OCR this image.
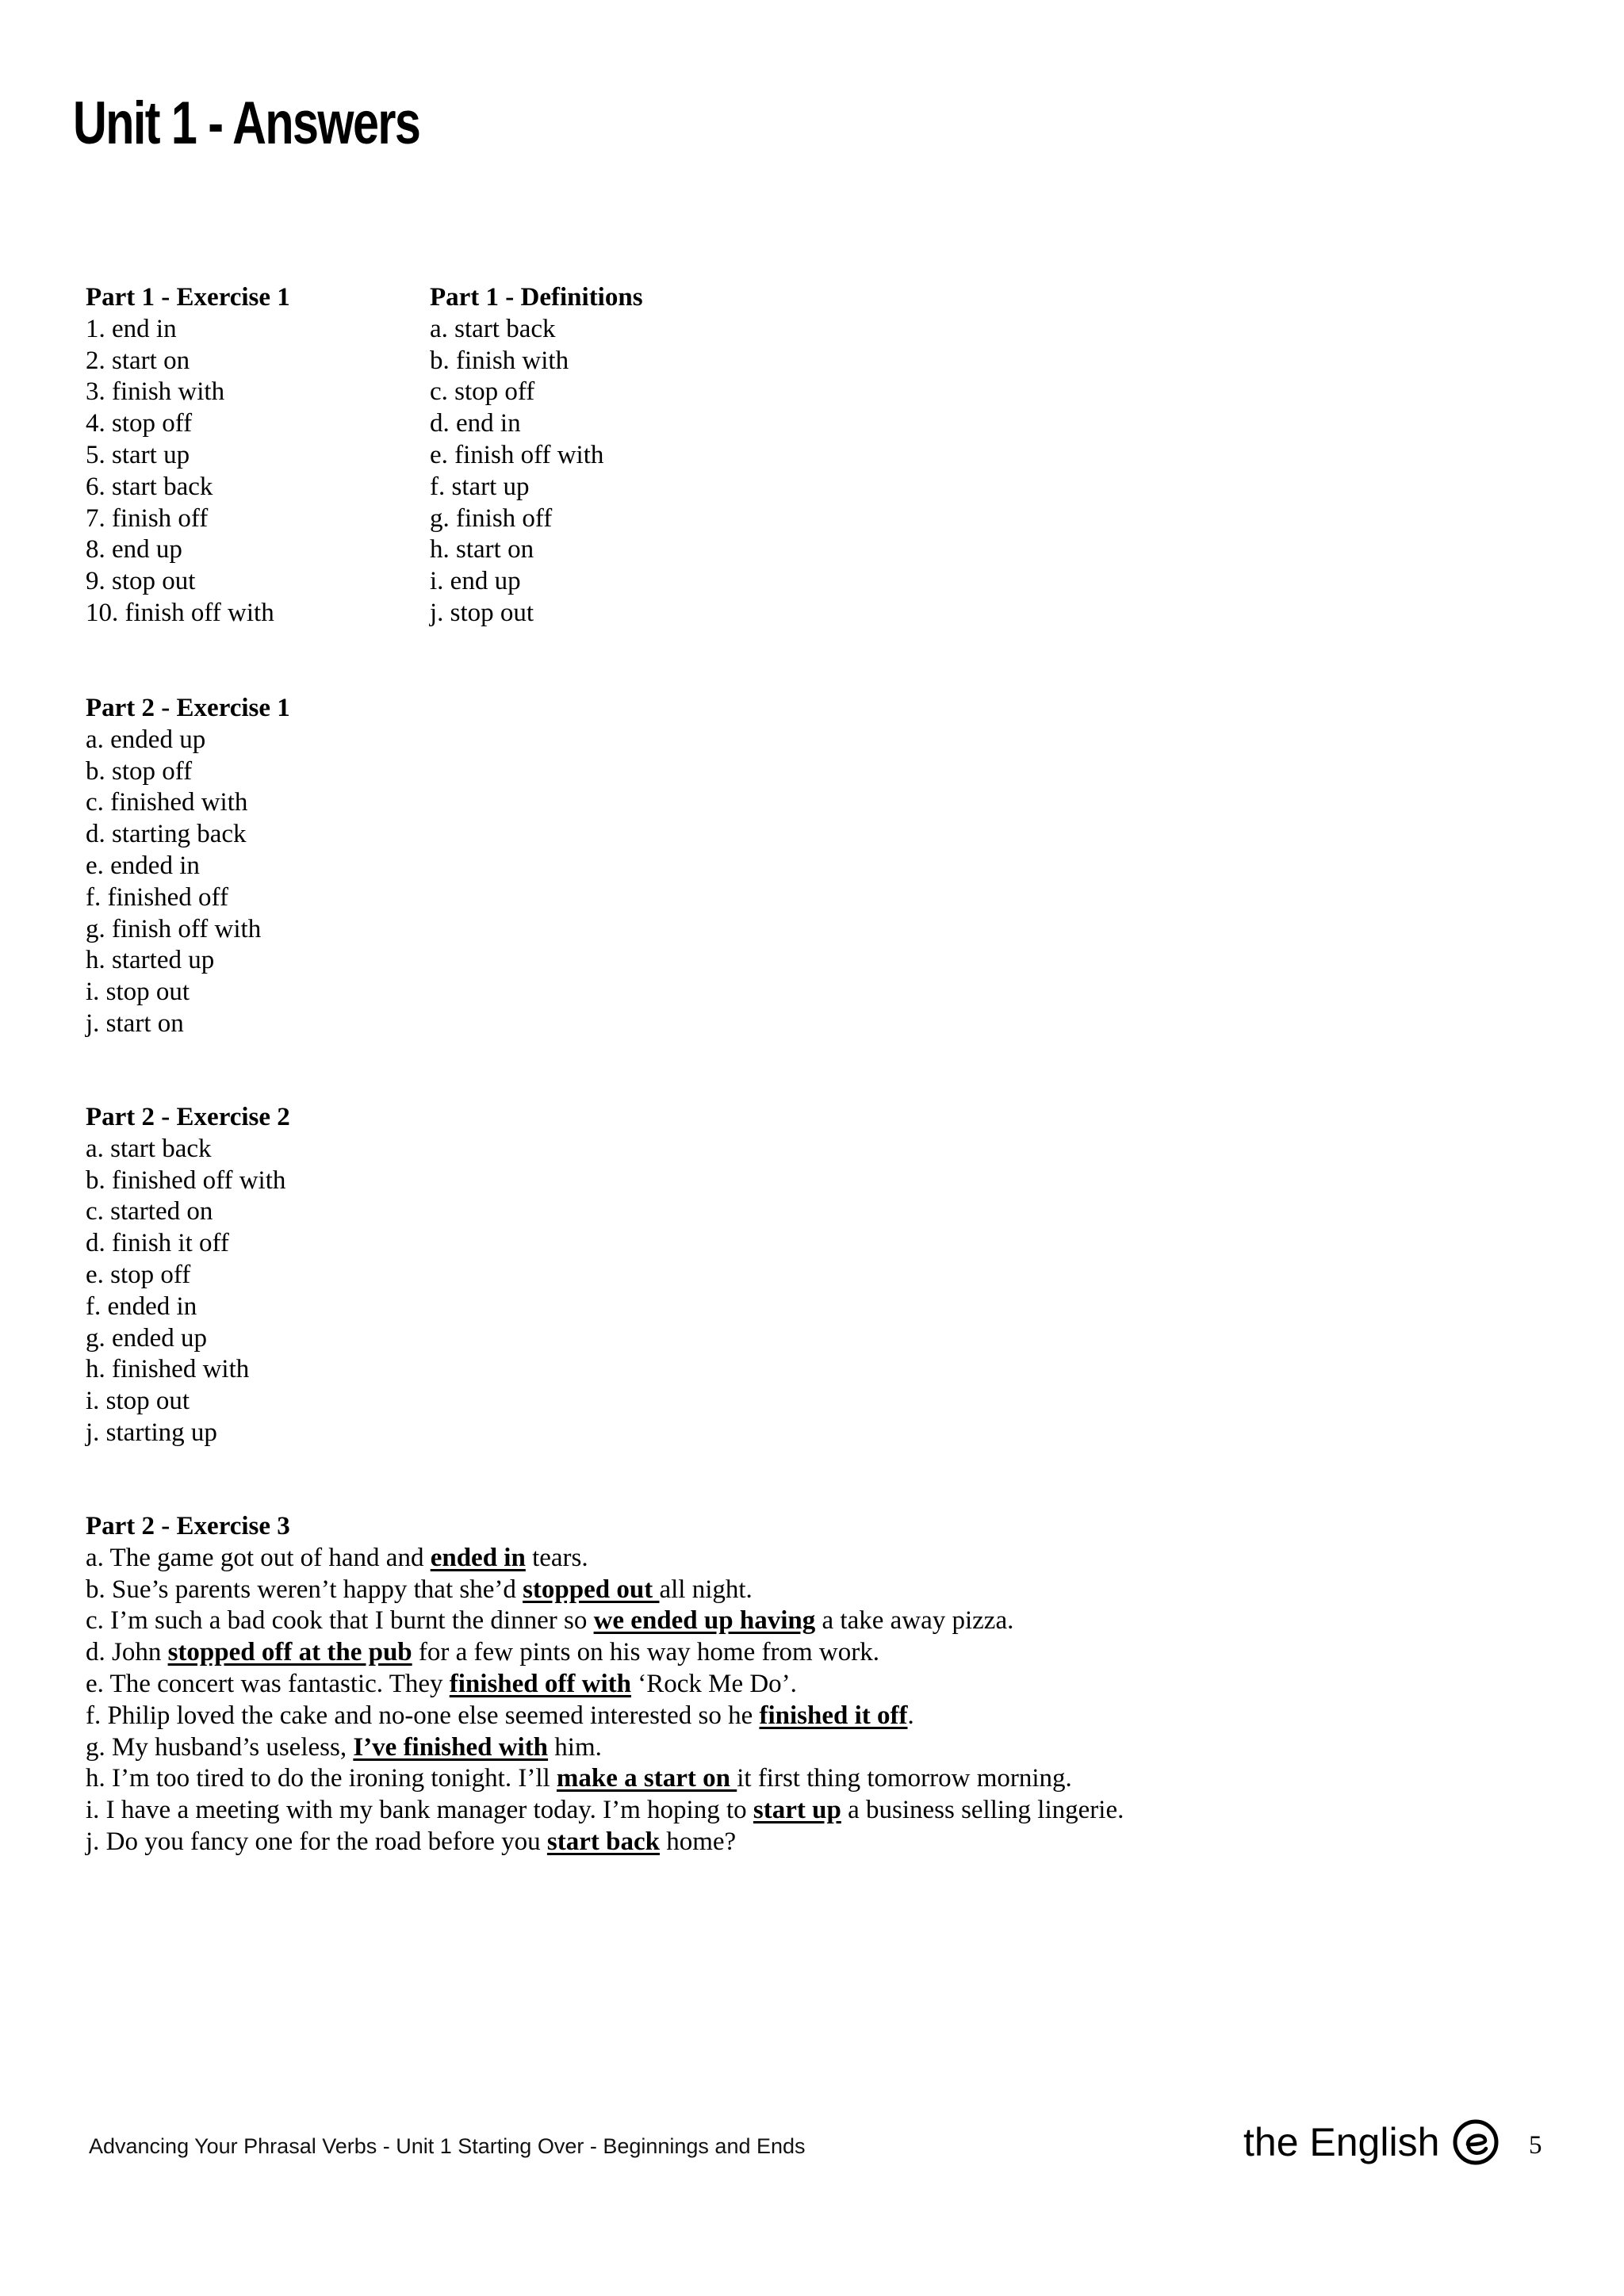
Unit 1 - Answers
Part 1 - Exercise 1
1. end in
2. start on
3. finish with
4. stop off
5. start up
6. start back
7. finish off
8. end up
9. stop out
10. finish off with
Part 1 - Definitions
a. start back
b. finish with
c. stop off
d. end in
e. finish off with
f. start up
g. finish off
h. start on
i. end up
j. stop out
Part 2 - Exercise 1
a. ended up
b. stop off
c. finished with
d. starting back
e. ended in
f. finished off
g. finish off with
h. started up
i. stop out
j. start on
Part 2 - Exercise 2
a. start back
b. finished off with
c. started on
d. finish it off
e. stop off
f. ended in
g. ended up
h. finished with
i. stop out
j. starting up
Part 2 - Exercise 3
a. The game got out of hand and ended in tears.
b. Sue’s parents weren’t happy that she’d stopped out all night.
c. I’m such a bad cook that I burnt the dinner so we ended up having a take away pizza.
d. John stopped off at the pub for a few pints on his way home from work.
e. The concert was fantastic. They finished off with ‘Rock Me Do’.
f. Philip loved the cake and no-one else seemed interested so he finished it off.
g. My husband’s useless, I’ve finished with him.
h. I’m too tired to do the ironing tonight. I’ll make a start on it first thing tomorrow morning.
i. I have a meeting with my bank manager today. I’m hoping to start up a business selling lingerie.
j. Do you fancy one for the road before you start back home?
Advancing Your Phrasal Verbs - Unit 1 Starting Over - Beginnings and Ends	the English	5
